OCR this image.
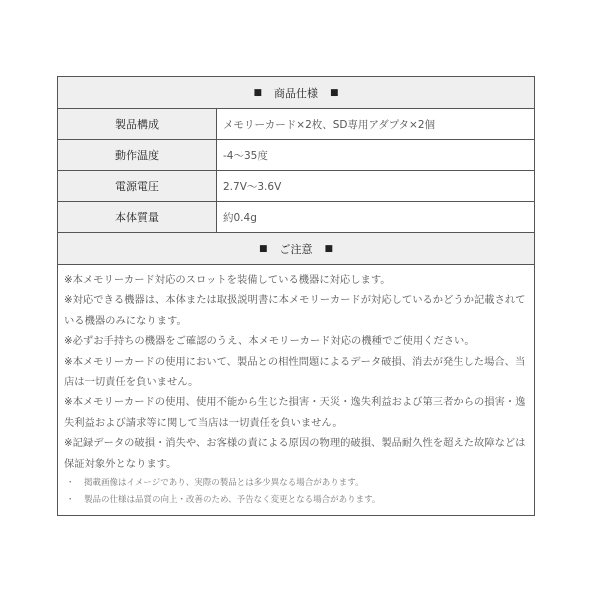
■ 商品仕様 ■
製品構成	メモリーカード×2枚、SD専用アダプタ×2個
動作温度	-4～35度
電源電圧	2.7V～3.6V
本体質量	約0.4g
■ ご注意 ■

※本メモリーカード対応のスロットを装備している機器に対応します。

※対応できる機器は、本体または取扱説明書に本メモリーカードが対応しているかどうか記載されている機器のみになります。

※必ずお手持ちの機器をご確認のうえ、本メモリーカード対応の機種でご使用ください。

※本メモリーカードの使用において、製品との相性問題によるデータ破損、消去が発生した場合、当店は一切責任を負いません。

※本メモリーカードの使用、使用不能から生じた損害・天災・逸失利益および第三者からの損害・逸失利益および請求等に関して当店は一切責任を負いません。

※記録データの破損・消失や、お客様の責による原因の物理的破損、製品耐久性を超えた故障などは保証対象外となります。

・ 掲載画像はイメージであり、実際の製品とは多少異なる場合があります。
・ 製品の仕様は品質の向上・改善のため、予告なく変更となる場合があります。
